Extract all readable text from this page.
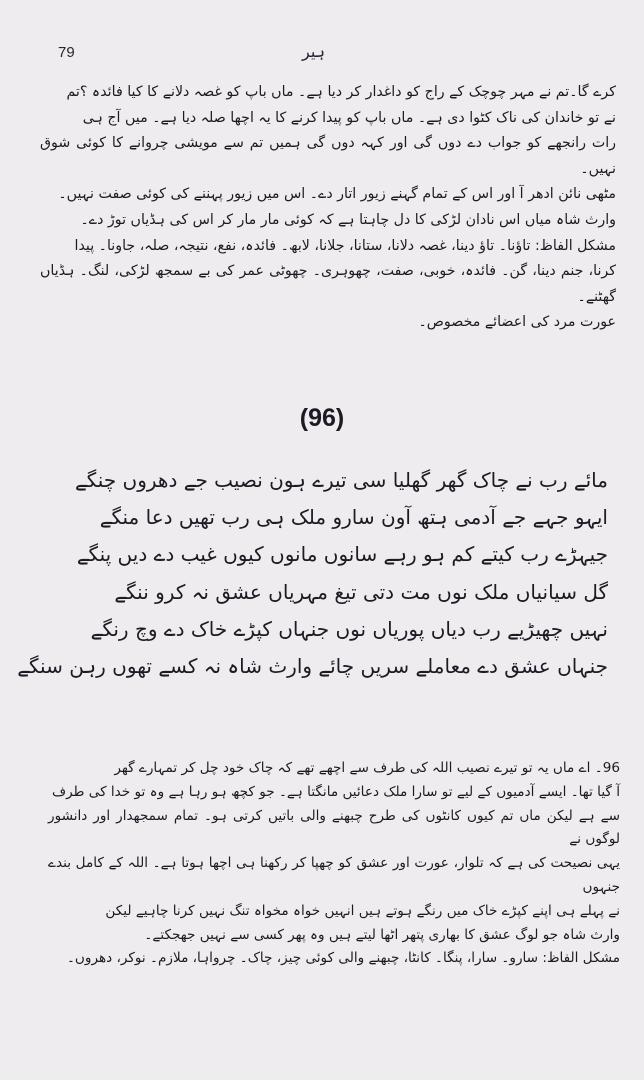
79	ہیر

کرے گا۔تم نے مہر چوچک کے راج کو داغدار کر دیا ہے۔ ماں باپ کو غصہ دلانے کا کیا فائدہ ؟تم

نے تو خاندان کی ناک کٹوا دی ہے۔ ماں باپ کو پیدا کرنے کا یہ اچھا صلہ دیا ہے۔ میں آج ہی

رات رانجھے کو جواب دے دوں گی اور کہہ دوں گی ہمیں تم سے مویشی چروانے کا کوئی شوق نہیں۔

مٹھی نائن ادھر آ اور اس کے تمام گہنے زیور اتار دے۔ اس میں زیور پہننے کی کوئی صفت نہیں۔

وارث شاہ میاں اس نادان لڑکی کا دل چاہتا ہے کہ کوئی مار مار کر اس کی ہڈیاں توڑ دے۔

مشکل الفاظ: تاؤنا۔ تاؤ دینا، غصہ دلانا، ستانا، جلانا، لابھ۔ فائدہ، نفع، نتیجہ، صلہ، جاونا۔ پیدا

کرنا، جنم دینا، گن۔ فائدہ، خوبی، صفت، چھوہری۔ چھوٹی عمر کی بے سمجھ لڑکی، لنگ۔ ہڈیاں گھٹنے۔

عورت مرد کی اعضائے مخصوص۔

(96)

مائے رب نے چاک گھر گھلیا سی تیرے ہون نصیب جے دھروں چنگے

ایہو جہے جے آدمی ہتھ آون سارو ملک ہی رب تھیں دعا منگے

جیہڑے رب کیتے کم ہو رہے سانوں مانوں کیوں غیب دے دیں پنگے

گل سیانیاں ملک نوں مت دتی تیغ مہریاں عشق نہ کرو ننگے

نہیں چھیڑیے رب دیاں پوریاں نوں جنہاں کپڑے خاک دے وچ رنگے

جنہاں عشق دے معاملے سریں چائے وارث شاہ نہ کسے تھوں رہن سنگے

96۔ اے ماں یہ تو تیرے نصیب اللہ کی طرف سے اچھے تھے کہ چاک خود چل کر تمہارے گھر

آ گیا تھا۔ ایسے آدمیوں کے لیے تو سارا ملک دعائیں مانگتا ہے۔ جو کچھ ہو رہا ہے وہ تو خدا کی طرف

سے ہے لیکن ماں تم کیوں کانٹوں کی طرح چبھنے والی باتیں کرتی ہو۔ تمام سمجھدار اور دانشور لوگوں نے

یہی نصیحت کی ہے کہ تلوار، عورت اور عشق کو چھپا کر رکھنا ہی اچھا ہوتا ہے۔ اللہ کے کامل بندے جنہوں

نے پہلے ہی اپنے کپڑے خاک میں رنگے ہوتے ہیں انہیں خواہ مخواہ تنگ نہیں کرنا چاہیے لیکن

وارث شاہ جو لوگ عشق کا بھاری پتھر اٹھا لیتے ہیں وہ پھر کسی سے نہیں جھجکتے۔

مشکل الفاظ: سارو۔ سارا، پنگا۔ کانٹا، چبھنے والی کوئی چیز، چاک۔ چرواہا، ملازم۔ نوکر، دھروں۔
